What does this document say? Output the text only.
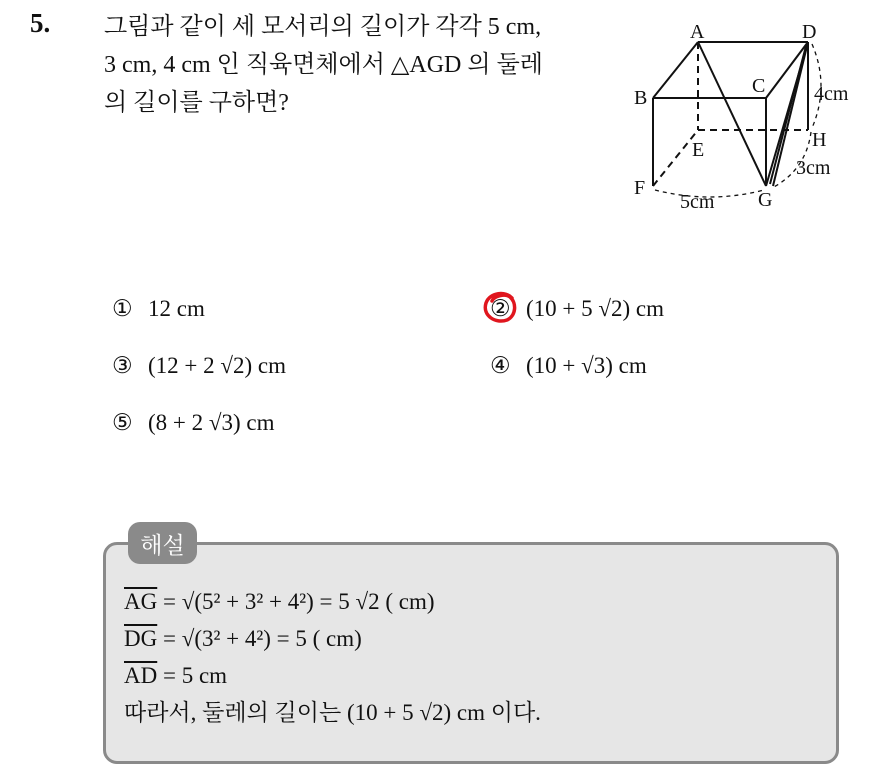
5. 그림과 같이 세 모서리의 길이가 각각 5 cm,
3 cm, 4 cm 인 직육면체에서 △AGD 의 둘레
의 길이를 구하면?
A	D
B
C
E	H
F
G
4cm
3cm
5cm
① 12 cm	② (10 + 5 √2) cm
③ (12 + 2 √2) cm	④ (10 + √3) cm
⑤ (8 + 2 √3) cm
해설
$\overline{AG} = √(5^2 + 3^2 + 4^2) = 5$ √2 ( cm)
$\overline{DG} = √(3^2 + 4^2) = 5$ ( cm)
$\overline{AD} = 5$ cm
따라서, 둘레의 길이는 (10 + 5 √2) cm 이다.
